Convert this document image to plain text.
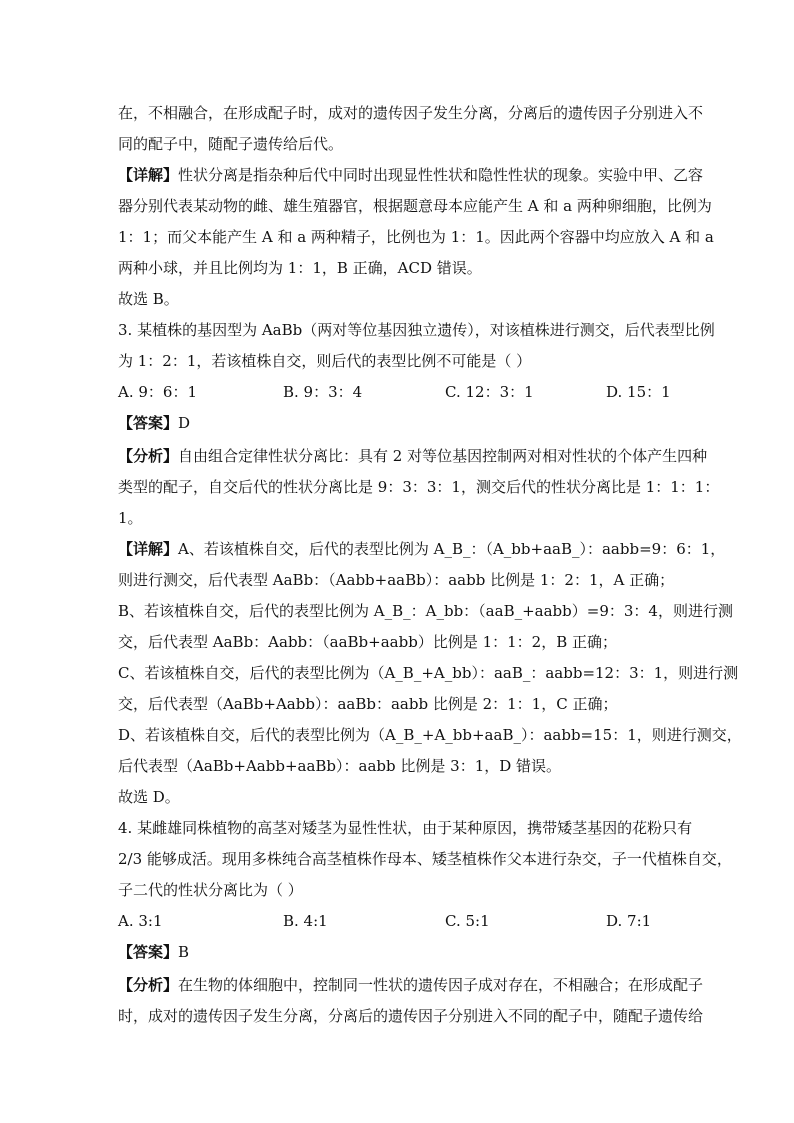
在，不相融合，在形成配子时，成对的遗传因子发生分离，分离后的遗传因子分别进入不
同的配子中，随配子遗传给后代。
【详解】性状分离是指杂种后代中同时出现显性性状和隐性性状的现象。实验中甲、乙容
器分别代表某动物的雌、雄生殖器官，根据题意母本应能产生 A 和 a 两种卵细胞，比例为
1：1；而父本能产生 A 和 a 两种精子，比例也为 1：1。因此两个容器中均应放入 A 和 a
两种小球，并且比例均为 1：1，B 正确，ACD 错误。
故选 B。
3. 某植株的基因型为 AaBb（两对等位基因独立遗传），对该植株进行测交，后代表型比例
为 1：2：1，若该植株自交，则后代的表型比例不可能是（ ）
A. 9：6：1	B. 9：3：4	C. 12：3：1	D. 15：1
【答案】D
【分析】自由组合定律性状分离比：具有 2 对等位基因控制两对相对性状的个体产生四种
类型的配子，自交后代的性状分离比是 9：3：3：1，测交后代的性状分离比是 1：1：1：
1。
【详解】A、若该植株自交，后代的表型比例为 A_B_：（A_bb+aaB_）：aabb=9：6：1，
则进行测交，后代表型 AaBb：（Aabb+aaBb）：aabb 比例是 1：2：1，A 正确；
B、若该植株自交，后代的表型比例为 A_B_：A_bb：（aaB_+aabb）=9：3：4，则进行测
交，后代表型 AaBb：Aabb：（aaBb+aabb）比例是 1：1：2，B 正确；
C、若该植株自交，后代的表型比例为（A_B_+A_bb）：aaB_：aabb=12：3：1，则进行测
交，后代表型（AaBb+Aabb）：aaBb：aabb 比例是 2：1：1，C 正确；
D、若该植株自交，后代的表型比例为（A_B_+A_bb+aaB_）：aabb=15：1，则进行测交，
后代表型（AaBb+Aabb+aaBb）：aabb 比例是 3：1，D 错误。
故选 D。
4. 某雌雄同株植物的高茎对矮茎为显性性状，由于某种原因，携带矮茎基因的花粉只有
2/3 能够成活。现用多株纯合高茎植株作母本、矮茎植株作父本进行杂交，子一代植株自交，
子二代的性状分离比为（ ）
A. 3:1	B. 4:1	C. 5:1	D. 7:1
【答案】B
【分析】在生物的体细胞中，控制同一性状的遗传因子成对存在，不相融合；在形成配子
时，成对的遗传因子发生分离，分离后的遗传因子分别进入不同的配子中，随配子遗传给
